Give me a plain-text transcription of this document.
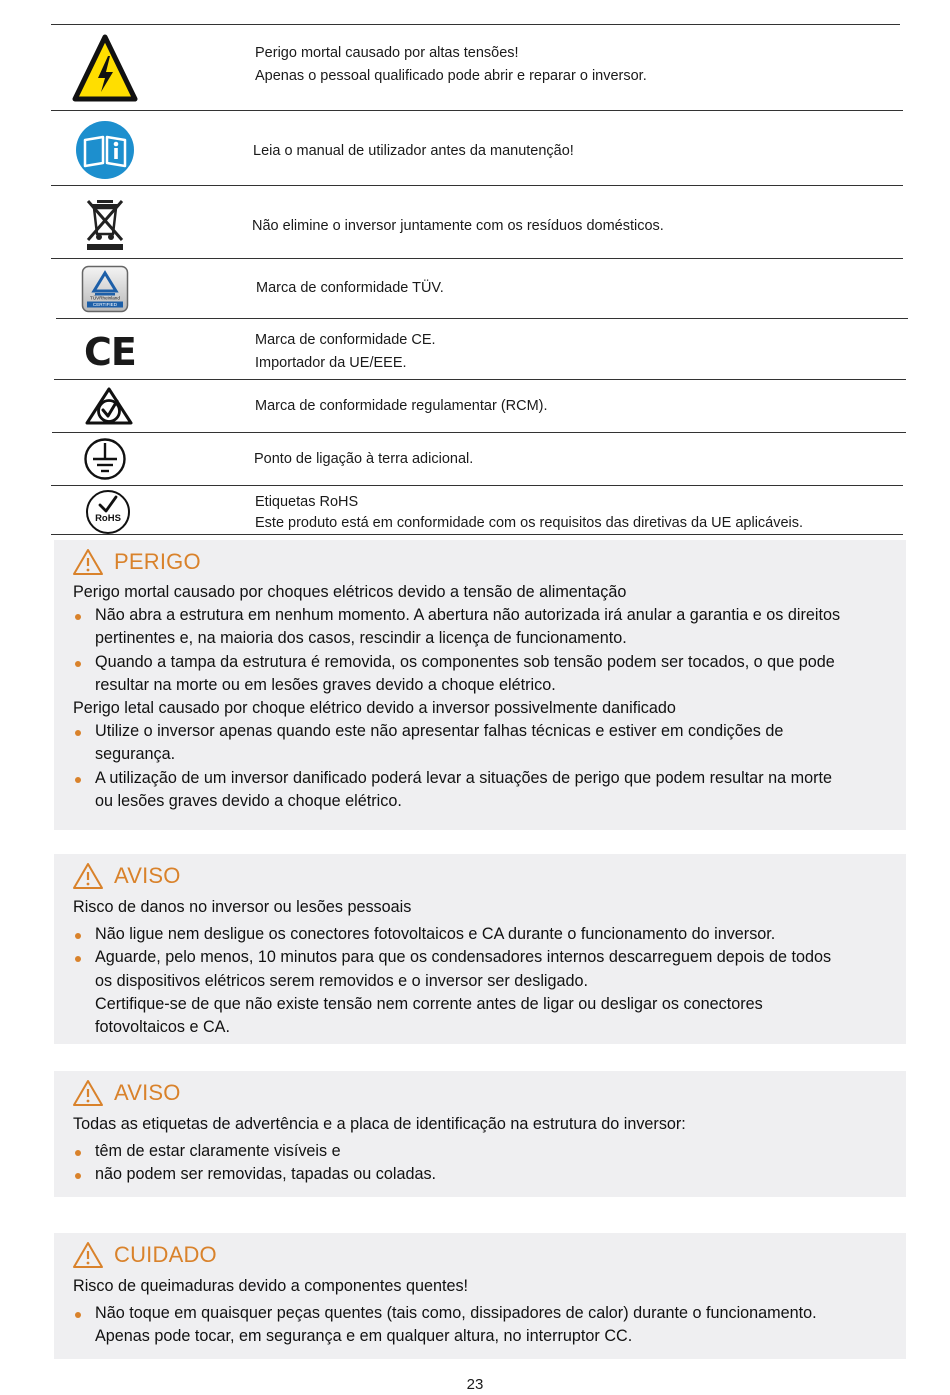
Perigo mortal causado por altas tensões!
Apenas o pessoal qualificado pode abrir e reparar o inversor.
Leia o manual de utilizador antes da manutenção!
Não elimine o inversor juntamente com os resíduos domésticos.
TÜVRheinland
CERTIFIED
Marca de conformidade TÜV.
CE	Marca de conformidade CE.
Importador da UE/EEE.
Marca de conformidade regulamentar (RCM).
Ponto de ligação à terra adicional.
RoHS
Etiquetas RoHS
Este produto está em conformidade com os requisitos das diretivas da UE aplicáveis.
PERIGO

Perigo mortal causado por choques elétricos devido a tensão de alimentação

Não abra a estrutura em nenhum momento. A abertura não autorizada irá anular a garantia e os direitos
pertinentes e, na maioria dos casos, rescindir a licença de funcionamento.
Quando a tampa da estrutura é removida, os componentes sob tensão podem ser tocados, o que pode
resultar na morte ou em lesões graves devido a choque elétrico.

Perigo letal causado por choque elétrico devido a inversor possivelmente danificado

Utilize o inversor apenas quando este não apresentar falhas técnicas e estiver em condições de
segurança.
A utilização de um inversor danificado poderá levar a situações de perigo que podem resultar na morte
ou lesões graves devido a choque elétrico.
AVISO

Risco de danos no inversor ou lesões pessoais

Não ligue nem desligue os conectores fotovoltaicos e CA durante o funcionamento do inversor.
Aguarde, pelo menos, 10 minutos para que os condensadores internos descarreguem depois de todos
os dispositivos elétricos serem removidos e o inversor ser desligado.
Certifique-se de que não existe tensão nem corrente antes de ligar ou desligar os conectores
fotovoltaicos e CA.
AVISO

Todas as etiquetas de advertência e a placa de identificação na estrutura do inversor:

têm de estar claramente visíveis e
não podem ser removidas, tapadas ou coladas.
CUIDADO

Risco de queimaduras devido a componentes quentes!

Não toque em quaisquer peças quentes (tais como, dissipadores de calor) durante o funcionamento.
Apenas pode tocar, em segurança e em qualquer altura, no interruptor CC.
23
